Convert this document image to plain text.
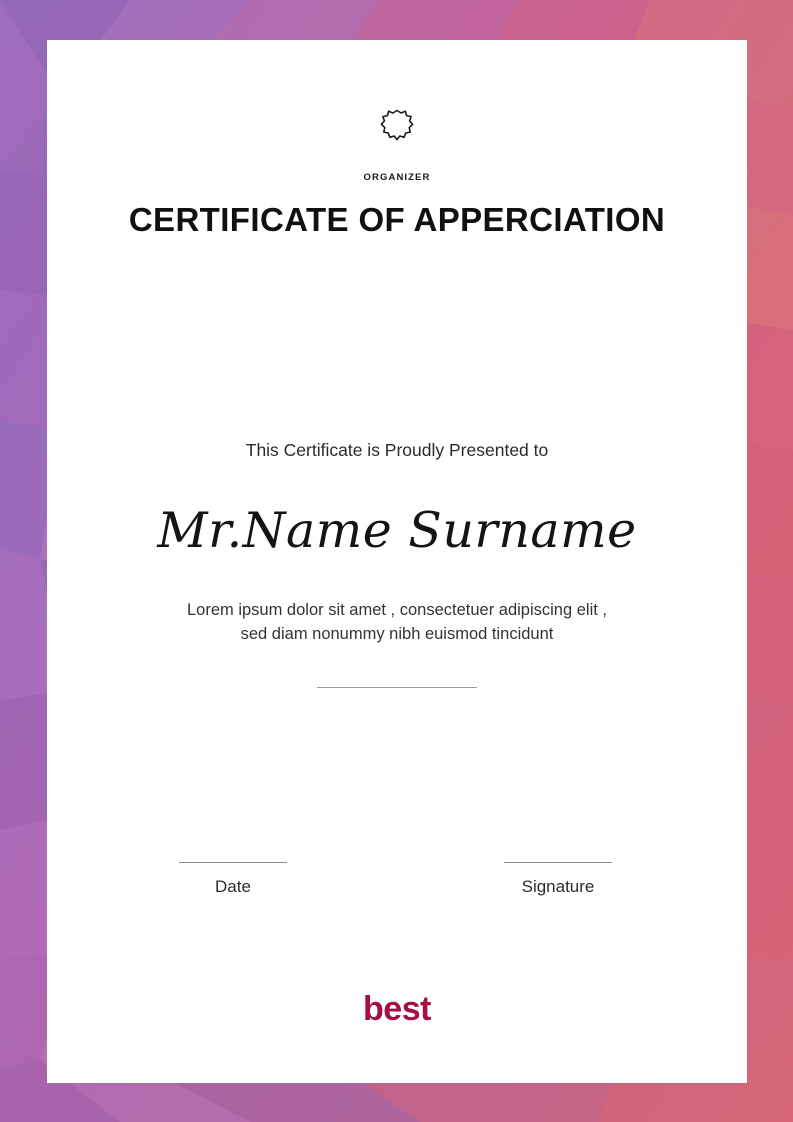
ORGANIZER
CERTIFICATE OF APPERCIATION
This Certificate is Proudly Presented to
Mr.Name Surname
Lorem ipsum dolor sit amet , consectetuer adipiscing elit , sed diam nonummy nibh euismod tincidunt
Date	Signature
best
